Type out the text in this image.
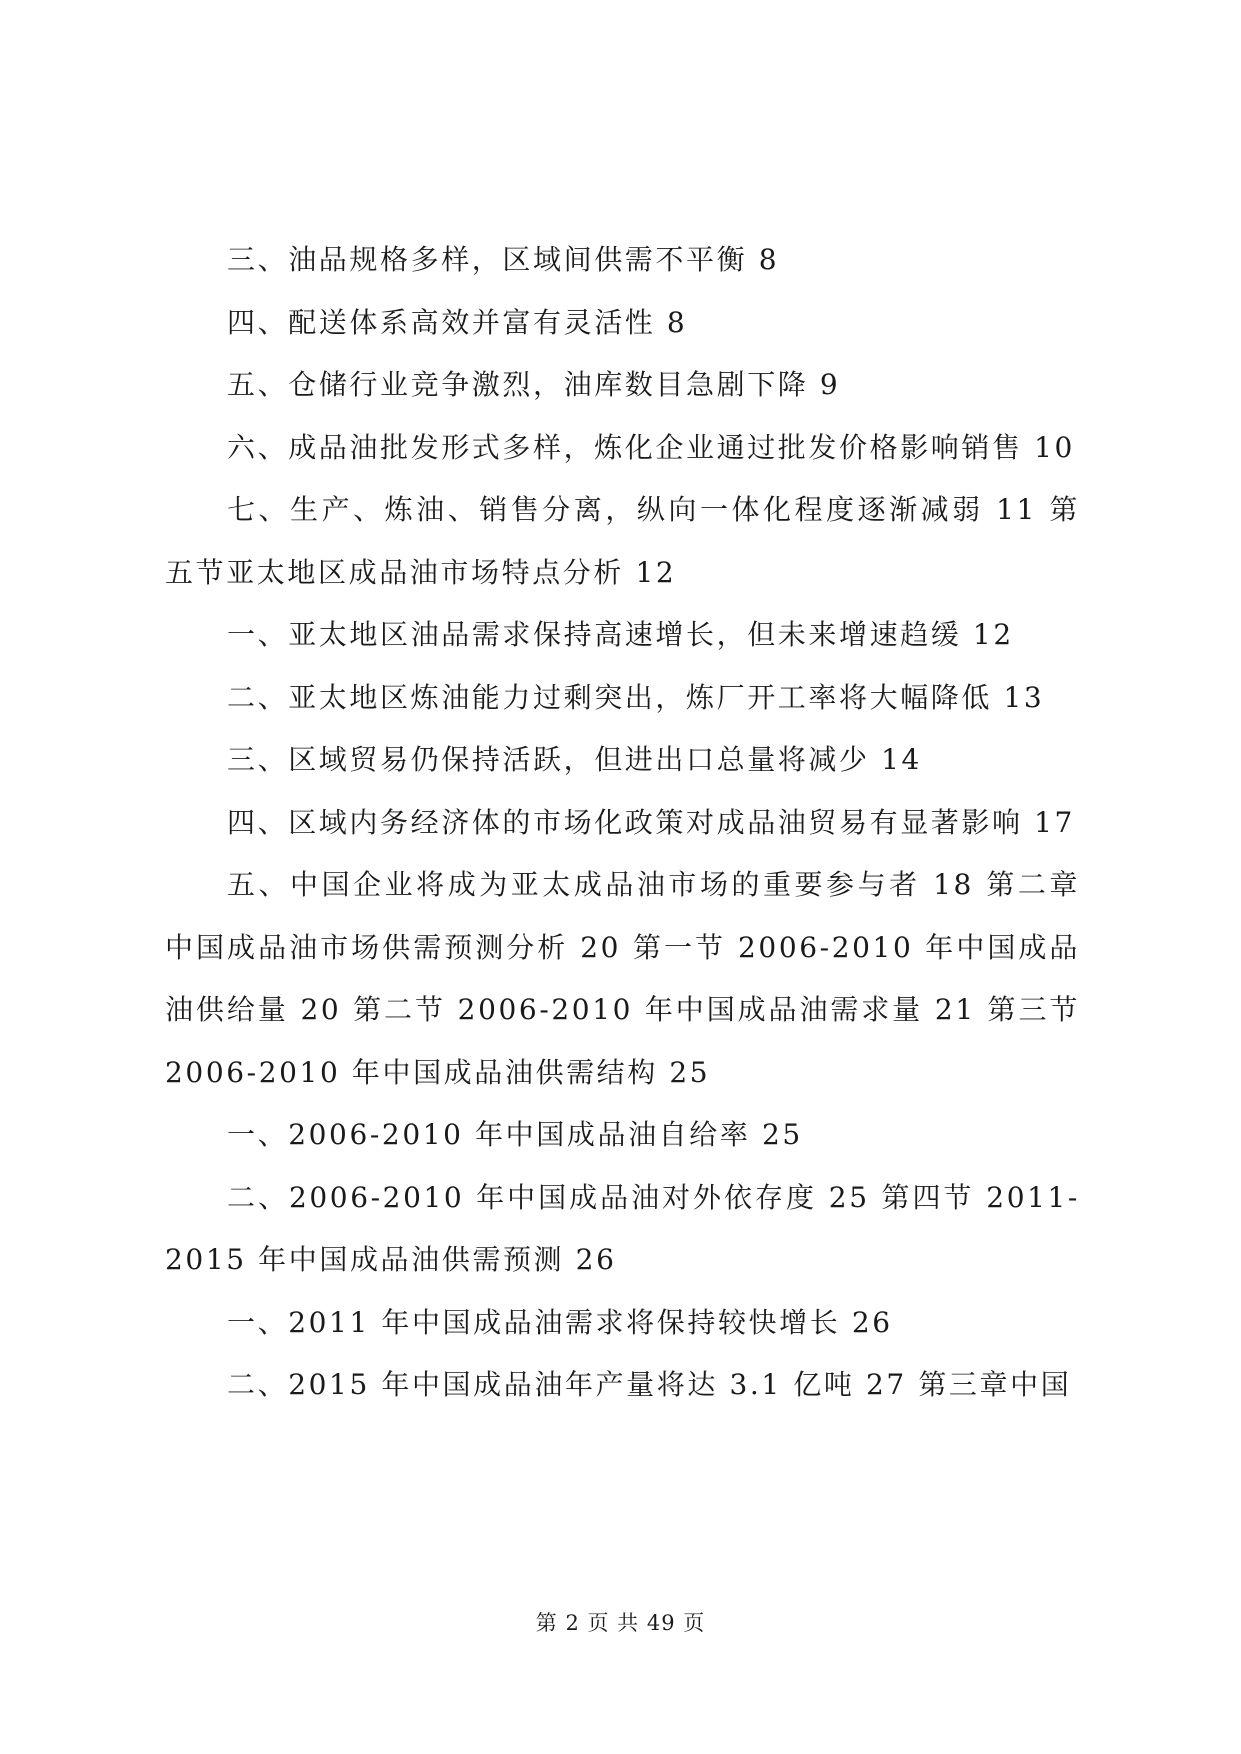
三、油品规格多样，区域间供需不平衡 8

四、配送体系高效并富有灵活性 8

五、仓储行业竞争激烈，油库数目急剧下降 9

六、成品油批发形式多样，炼化企业通过批发价格影响销售 10

七、生产、炼油、销售分离，纵向一体化程度逐渐减弱 11 第五节亚太地区成品油市场特点分析 12

一、亚太地区油品需求保持高速增长，但未来增速趋缓 12

二、亚太地区炼油能力过剩突出，炼厂开工率将大幅降低 13

三、区域贸易仍保持活跃，但进出口总量将减少 14

四、区域内务经济体的市场化政策对成品油贸易有显著影响 17

五、中国企业将成为亚太成品油市场的重要参与者 18 第二章中国成品油市场供需预测分析 20 第一节 2006-2010 年中国成品油供给量 20 第二节 2006-2010 年中国成品油需求量 21 第三节 2006-2010 年中国成品油供需结构 25

一、2006-2010 年中国成品油自给率 25

二、2006-2010 年中国成品油对外依存度 25 第四节 2011-2015 年中国成品油供需预测 26

一、2011 年中国成品油需求将保持较快增长 26

二、2015 年中国成品油年产量将达 3.1 亿吨 27 第三章中国

第 2 页 共 49 页
